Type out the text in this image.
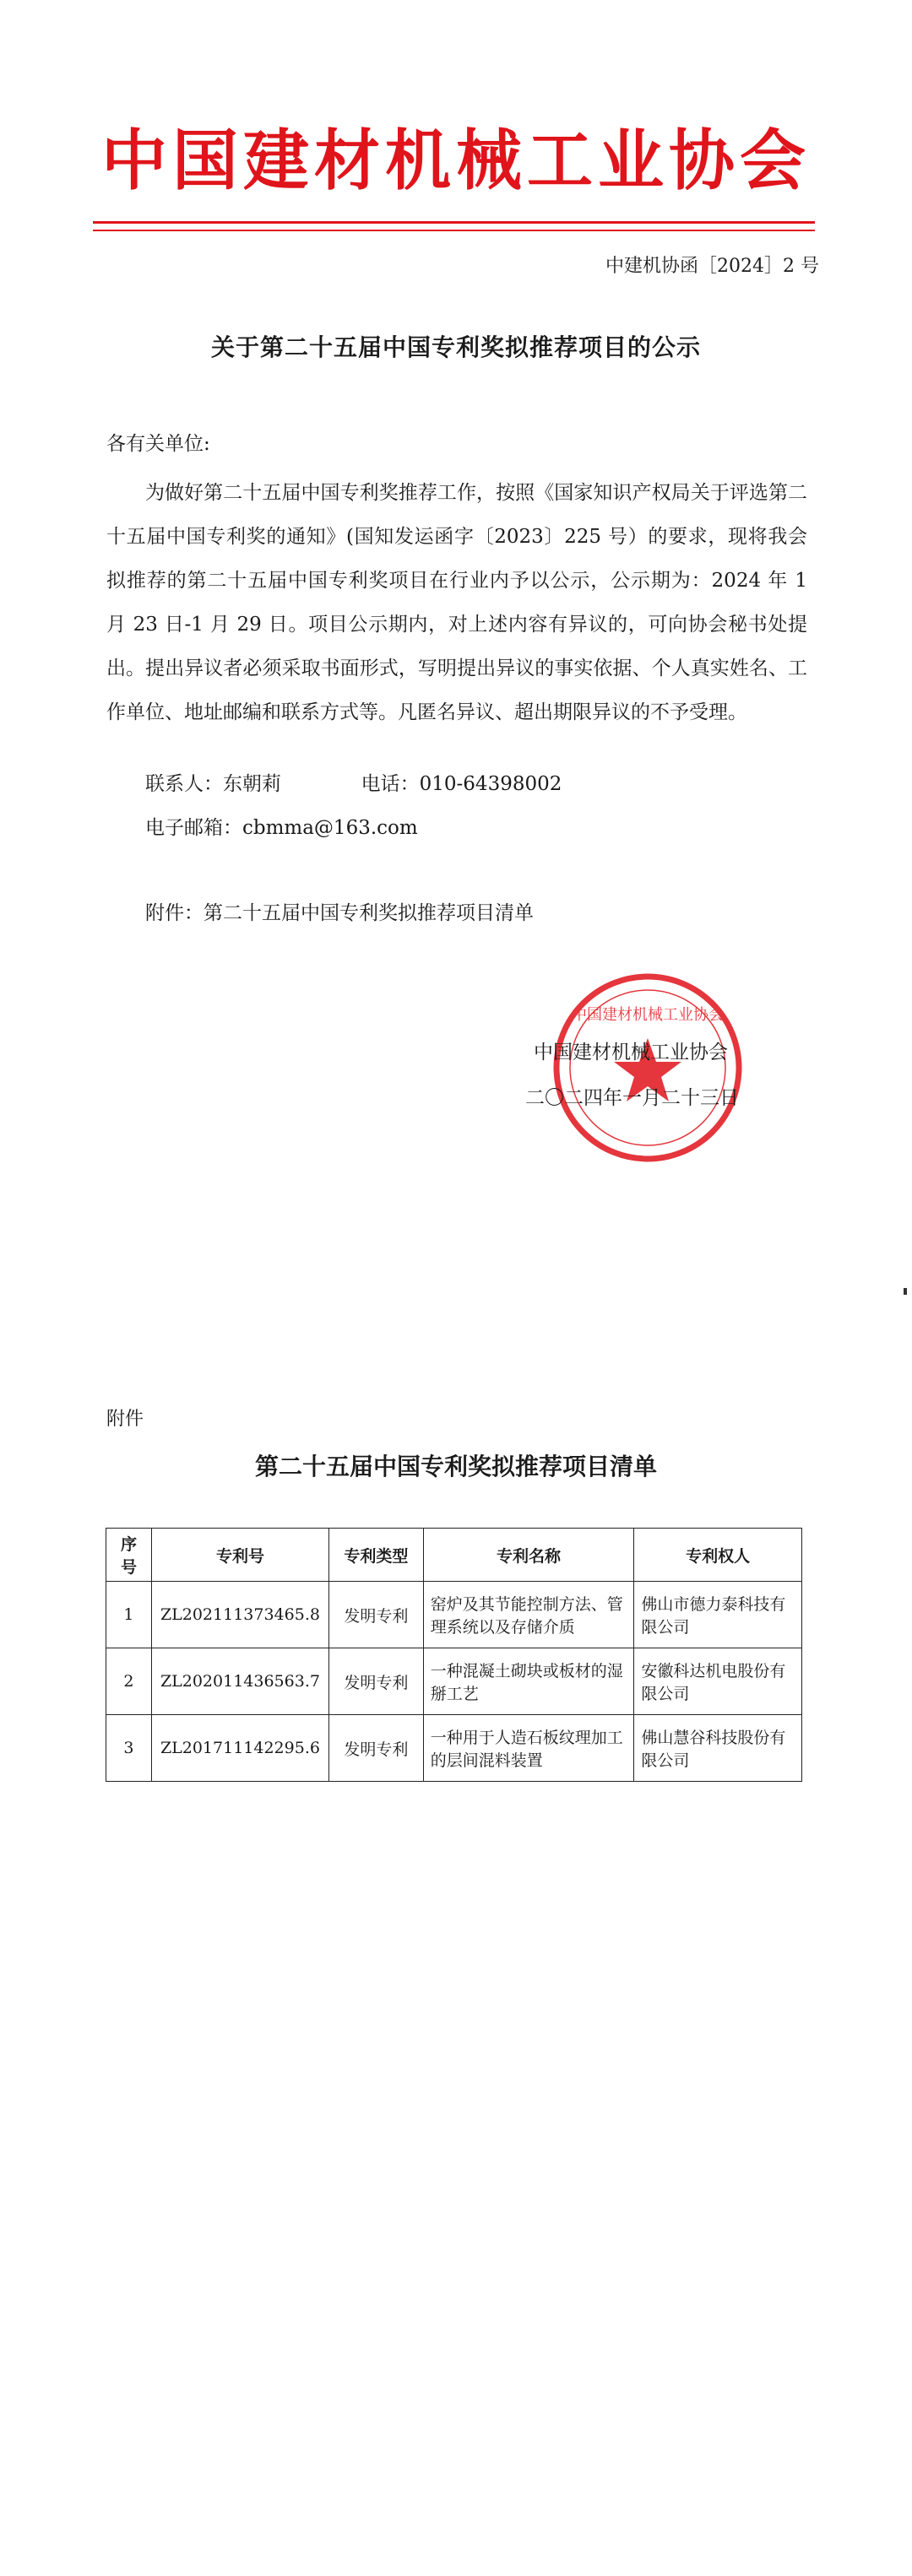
中国建材机械工业协会
中建机协函［2024］2 号
关于第二十五届中国专利奖拟推荐项目的公示
各有关单位:
为做好第二十五届中国专利奖推荐工作，按照《国家知识产权局关于评选第二十五届中国专利奖的通知》(国知发运函字〔2023〕225 号）的要求，现将我会拟推荐的第二十五届中国专利奖项目在行业内予以公示，公示期为：2024 年 1 月 23 日-1 月 29 日。项目公示期内，对上述内容有异议的，可向协会秘书处提出。提出异议者必须采取书面形式，写明提出异议的事实依据、个人真实姓名、工作单位、地址邮编和联系方式等。凡匿名异议、超出期限异议的不予受理。
联系人：东朝莉	电话：010-64398002
电子邮箱：cbmma@163.com
附件：第二十五届中国专利奖拟推荐项目清单
中国建材机械工业协会
中国建材机械工业协会
二〇二四年一月二十三日
附件
第二十五届中国专利奖拟推荐项目清单
序号	专利号	专利类型	专利名称	专利权人
1	ZL202111373465.8	发明专利	窑炉及其节能控制方法、管理系统以及存储介质	佛山市德力泰科技有限公司
2	ZL202011436563.7	发明专利	一种混凝土砌块或板材的湿掰工艺	安徽科达机电股份有限公司
3	ZL201711142295.6	发明专利	一种用于人造石板纹理加工的层间混料装置	佛山慧谷科技股份有限公司
